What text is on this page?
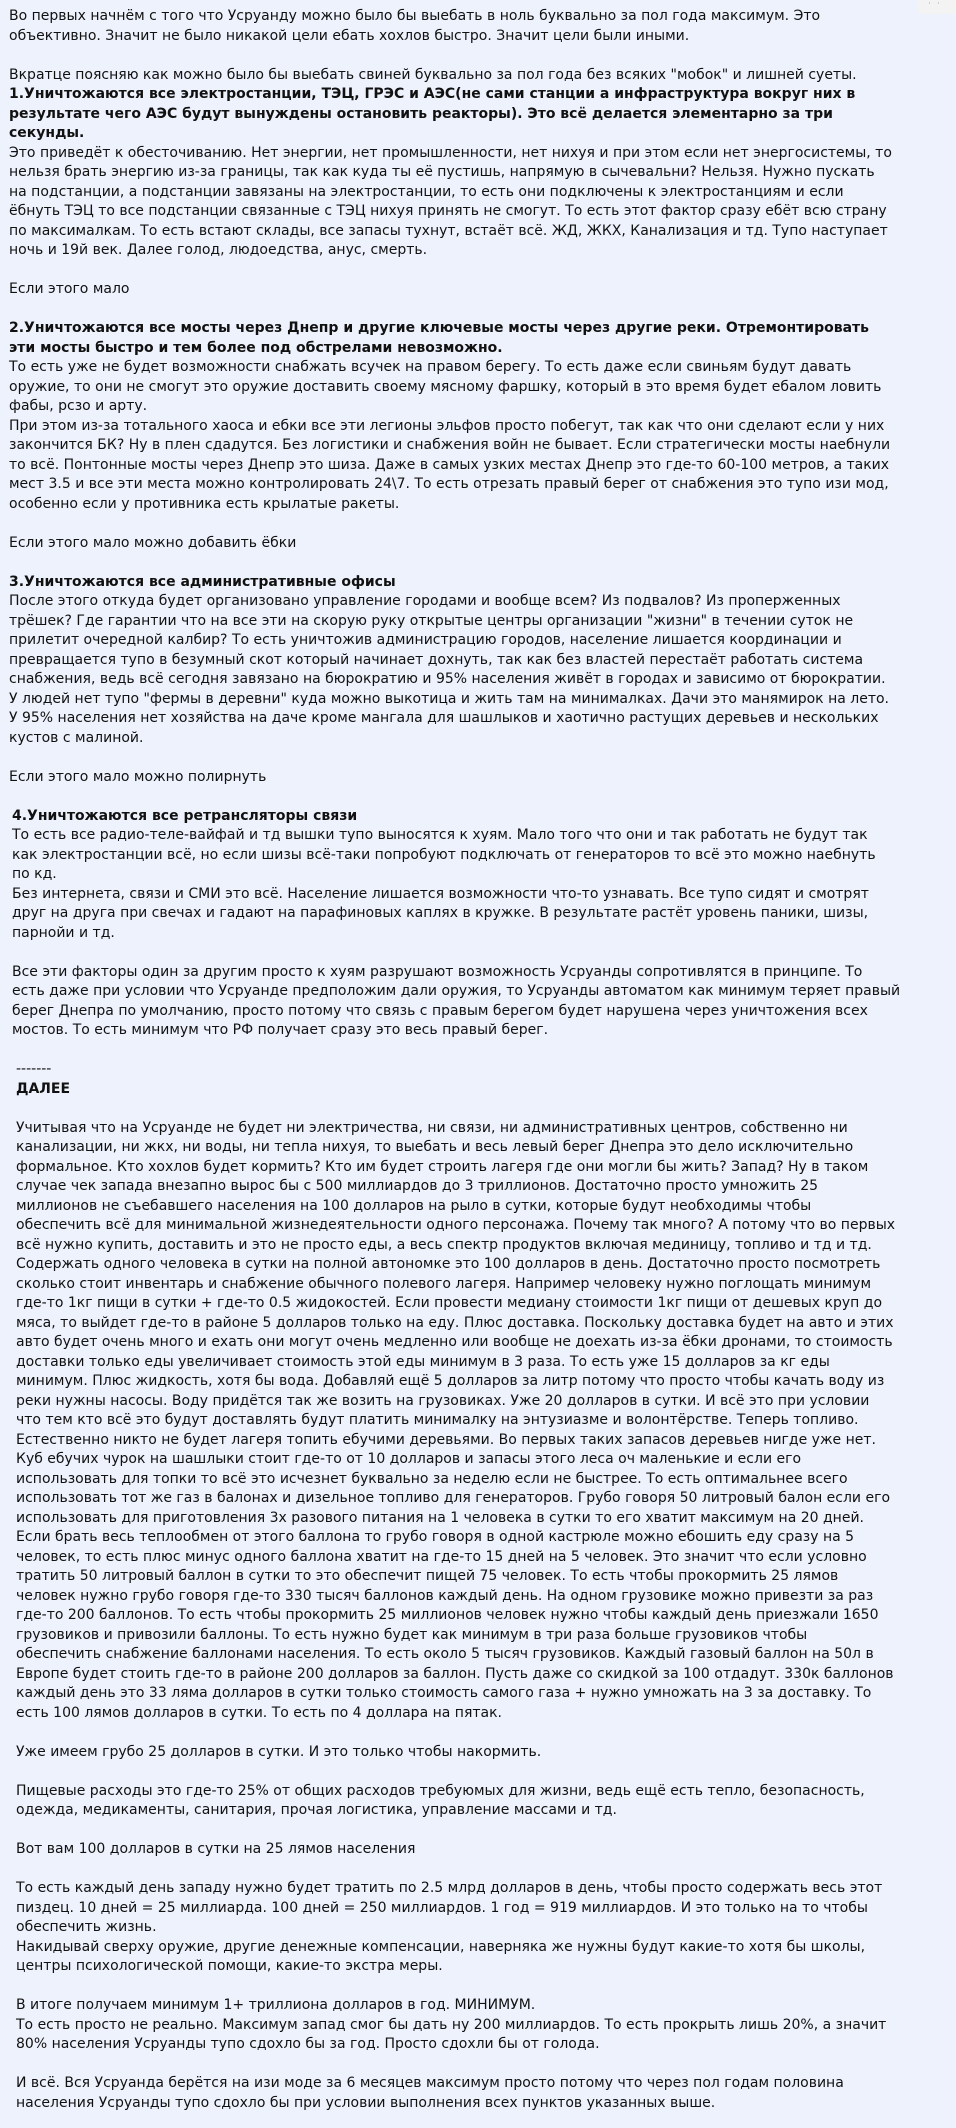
··
Во первых начнём с того что Усруанду можно было бы выебать в ноль буквально за пол года максимум. Это
объективно. Значит не было никакой цели ебать хохлов быстро. Значит цели были иными.
Вкратце поясняю как можно было бы выебать свиней буквально за пол года без всяких "мобок" и лишней суеты.
1.Уничтожаются все электростанции, ТЭЦ, ГРЭС и АЭС(не сами станции а инфраструктура вокруг них в
результате чего АЭС будут вынуждены остановить реакторы). Это всё делается элементарно за три
секунды.
Это приведёт к обесточиванию. Нет энергии, нет промышленности, нет нихуя и при этом если нет энергосистемы, то
нельзя брать энергию из-за границы, так как куда ты её пустишь, напрямую в сычевальни? Нельзя. Нужно пускать
на подстанции, а подстанции завязаны на электростанции, то есть они подключены к электростанциям и если
ёбнуть ТЭЦ то все подстанции связанные с ТЭЦ нихуя принять не смогут. То есть этот фактор сразу ебёт всю страну
по максималкам. То есть встают склады, все запасы тухнут, встаёт всё. ЖД, ЖКХ, Канализация и тд. Тупо наступает
ночь и 19й век. Далее голод, людоедства, анус, смерть.
Если этого мало
2.Уничтожаются все мосты через Днепр и другие ключевые мосты через другие реки. Отремонтировать
эти мосты быстро и тем более под обстрелами невозможно.
То есть уже не будет возможности снабжать всучек на правом берегу. То есть даже если свиньям будут давать
оружие, то они не смогут это оружие доставить своему мясному фаршку, который в это время будет ебалом ловить
фабы, рсзо и арту.
При этом из-за тотального хаоса и ебки все эти легионы эльфов просто побегут, так как что они сделают если у них
закончится БК? Ну в плен сдадутся. Без логистики и снабжения войн не бывает. Если стратегически мосты наебнули
то всё. Понтонные мосты через Днепр это шиза. Даже в самых узких местах Днепр это где-то 60-100 метров, а таких
мест 3.5 и все эти места можно контролировать 24\7. То есть отрезать правый берег от снабжения это тупо изи мод,
особенно если у противника есть крылатые ракеты.
Если этого мало можно добавить ёбки
3.Уничтожаются все административные офисы
После этого откуда будет организовано управление городами и вообще всем? Из подвалов? Из проперженных
трёшек? Где гарантии что на все эти на скорую руку открытые центры организации "жизни" в течении суток не
прилетит очередной калбир? То есть уничтожив администрацию городов, население лишается координации и
превращается тупо в безумный скот который начинает дохнуть, так как без властей перестаёт работать система
снабжения, ведь всё сегодня завязано на бюрократию и 95% населения живёт в городах и зависимо от бюрократии.
У людей нет тупо "фермы в деревни" куда можно выкотица и жить там на минималках. Дачи это манямирок на лето.
У 95% населения нет хозяйства на даче кроме мангала для шашлыков и хаотично растущих деревьев и нескольких
кустов с малиной.
Если этого мало можно полирнуть
4.Уничтожаются все ретрансляторы связи
То есть все радио-теле-вайфай и тд вышки тупо выносятся к хуям. Мало того что они и так работать не будут так
как электростанции всё, но если шизы всё-таки попробуют подключать от генераторов то всё это можно наебнуть
по кд.
Без интернета, связи и СМИ это всё. Население лишается возможности что-то узнавать. Все тупо сидят и смотрят
друг на друга при свечах и гадают на парафиновых каплях в кружке. В результате растёт уровень паники, шизы,
парнойи и тд.
Все эти факторы один за другим просто к хуям разрушают возможность Усруанды сопротивлятся в принципе. То
есть даже при условии что Усруанде предположим дали оружия, то Усруанды автоматом как минимум теряет правый
берег Днепра по умолчанию, просто потому что связь с правым берегом будет нарушена через уничтожения всех
мостов. То есть минимум что РФ получает сразу это весь правый берег.
-------
ДАЛЕЕ
Учитывая что на Усруанде не будет ни электричества, ни связи, ни административных центров, собственно ни
канализации, ни жкх, ни воды, ни тепла нихуя, то выебать и весь левый берег Днепра это дело исключительно
формальное. Кто хохлов будет кормить? Кто им будет строить лагеря где они могли бы жить? Запад? Ну в таком
случае чек запада внезапно вырос бы с 500 миллиардов до 3 триллионов. Достаточно просто умножить 25
миллионов не съебавшего населения на 100 долларов на рыло в сутки, которые будут необходимы чтобы
обеспечить всё для минимальной жизнедеятельности одного персонажа. Почему так много? А потому что во первых
всё нужно купить, доставить и это не просто еды, а весь спектр продуктов включая мединицу, топливо и тд и тд.
Содержать одного человека в сутки на полной автономке это 100 долларов в день. Достаточно просто посмотреть
сколько стоит инвентарь и снабжение обычного полевого лагеря. Например человеку нужно поглощать минимум
где-то 1кг пищи в сутки + где-то 0.5 жидокостей. Если провести медиану стоимости 1кг пищи от дешевых круп до
мяса, то выйдет где-то в районе 5 долларов только на еду. Плюс доставка. Поскольку доставка будет на авто и этих
авто будет очень много и ехать они могут очень медленно или вообще не доехать из-за ёбки дронами, то стоимость
доставки только еды увеличивает стоимость этой еды минимум в 3 раза. То есть уже 15 долларов за кг еды
минимум. Плюс жидкость, хотя бы вода. Добавляй ещё 5 долларов за литр потому что просто чтобы качать воду из
реки нужны насосы. Воду придётся так же возить на грузовиках. Уже 20 долларов в сутки. И всё это при условии
что тем кто всё это будут доставлять будут платить минималку на энтузиазме и волонтёрстве. Теперь топливо.
Естественно никто не будет лагеря топить ебучими деревьями. Во первых таких запасов деревьев нигде уже нет.
Куб ебучих чурок на шашлыки стоит где-то от 10 долларов и запасы этого леса оч маленькие и если его
использовать для топки то всё это исчезнет буквально за неделю если не быстрее. То есть оптимальнее всего
использовать тот же газ в балонах и дизельное топливо для генераторов. Грубо говоря 50 литровый балон если его
использовать для приготовления 3х разового питания на 1 человека в сутки то его хватит максимум на 20 дней.
Если брать весь теплообмен от этого баллона то грубо говоря в одной кастрюле можно ебошить еду сразу на 5
человек, то есть плюс минус одного баллона хватит на где-то 15 дней на 5 человек. Это значит что если условно
тратить 50 литровый баллон в сутки то это обеспечит пищей 75 человек. То есть чтобы прокормить 25 лямов
человек нужно грубо говоря где-то 330 тысяч баллонов каждый день. На одном грузовике можно привезти за раз
где-то 200 баллонов. То есть чтобы прокормить 25 миллионов человек нужно чтобы каждый день приезжали 1650
грузовиков и привозили баллоны. То есть нужно будет как минимум в три раза больше грузовиков чтобы
обеспечить снабжение баллонами населения. То есть около 5 тысяч грузовиков. Каждый газовый баллон на 50л в
Европе будет стоить где-то в районе 200 долларов за баллон. Пусть даже со скидкой за 100 отдадут. 330к баллонов
каждый день это 33 ляма долларов в сутки только стоимость самого газа + нужно умножать на 3 за доставку. То
есть 100 лямов долларов в сутки. То есть по 4 доллара на пятак.
Уже имеем грубо 25 долларов в сутки. И это только чтобы накормить.
Пищевые расходы это где-то 25% от общих расходов требуюмых для жизни, ведь ещё есть тепло, безопасность,
одежда, медикаменты, санитария, прочая логистика, управление массами и тд.
Вот вам 100 долларов в сутки на 25 лямов населения
То есть каждый день западу нужно будет тратить по 2.5 млрд долларов в день, чтобы просто содержать весь этот
пиздец. 10 дней = 25 миллиарда. 100 дней = 250 миллиардов. 1 год = 919 миллиардов. И это только на то чтобы
обеспечить жизнь.
Накидывай сверху оружие, другие денежные компенсации, наверняка же нужны будут какие-то хотя бы школы,
центры психологической помощи, какие-то экстра меры.
В итоге получаем минимум 1+ триллиона долларов в год. МИНИМУМ.
То есть просто не реально. Максимум запад смог бы дать ну 200 миллиардов. То есть прокрыть лишь 20%, а значит
80% населения Усруанды тупо сдохло бы за год. Просто сдохли бы от голода.
И всё. Вся Усруанда берётся на изи моде за 6 месяцев максимум просто потому что через пол годам половина
населения Усруанды тупо сдохло бы при условии выполнения всех пунктов указанных выше.
